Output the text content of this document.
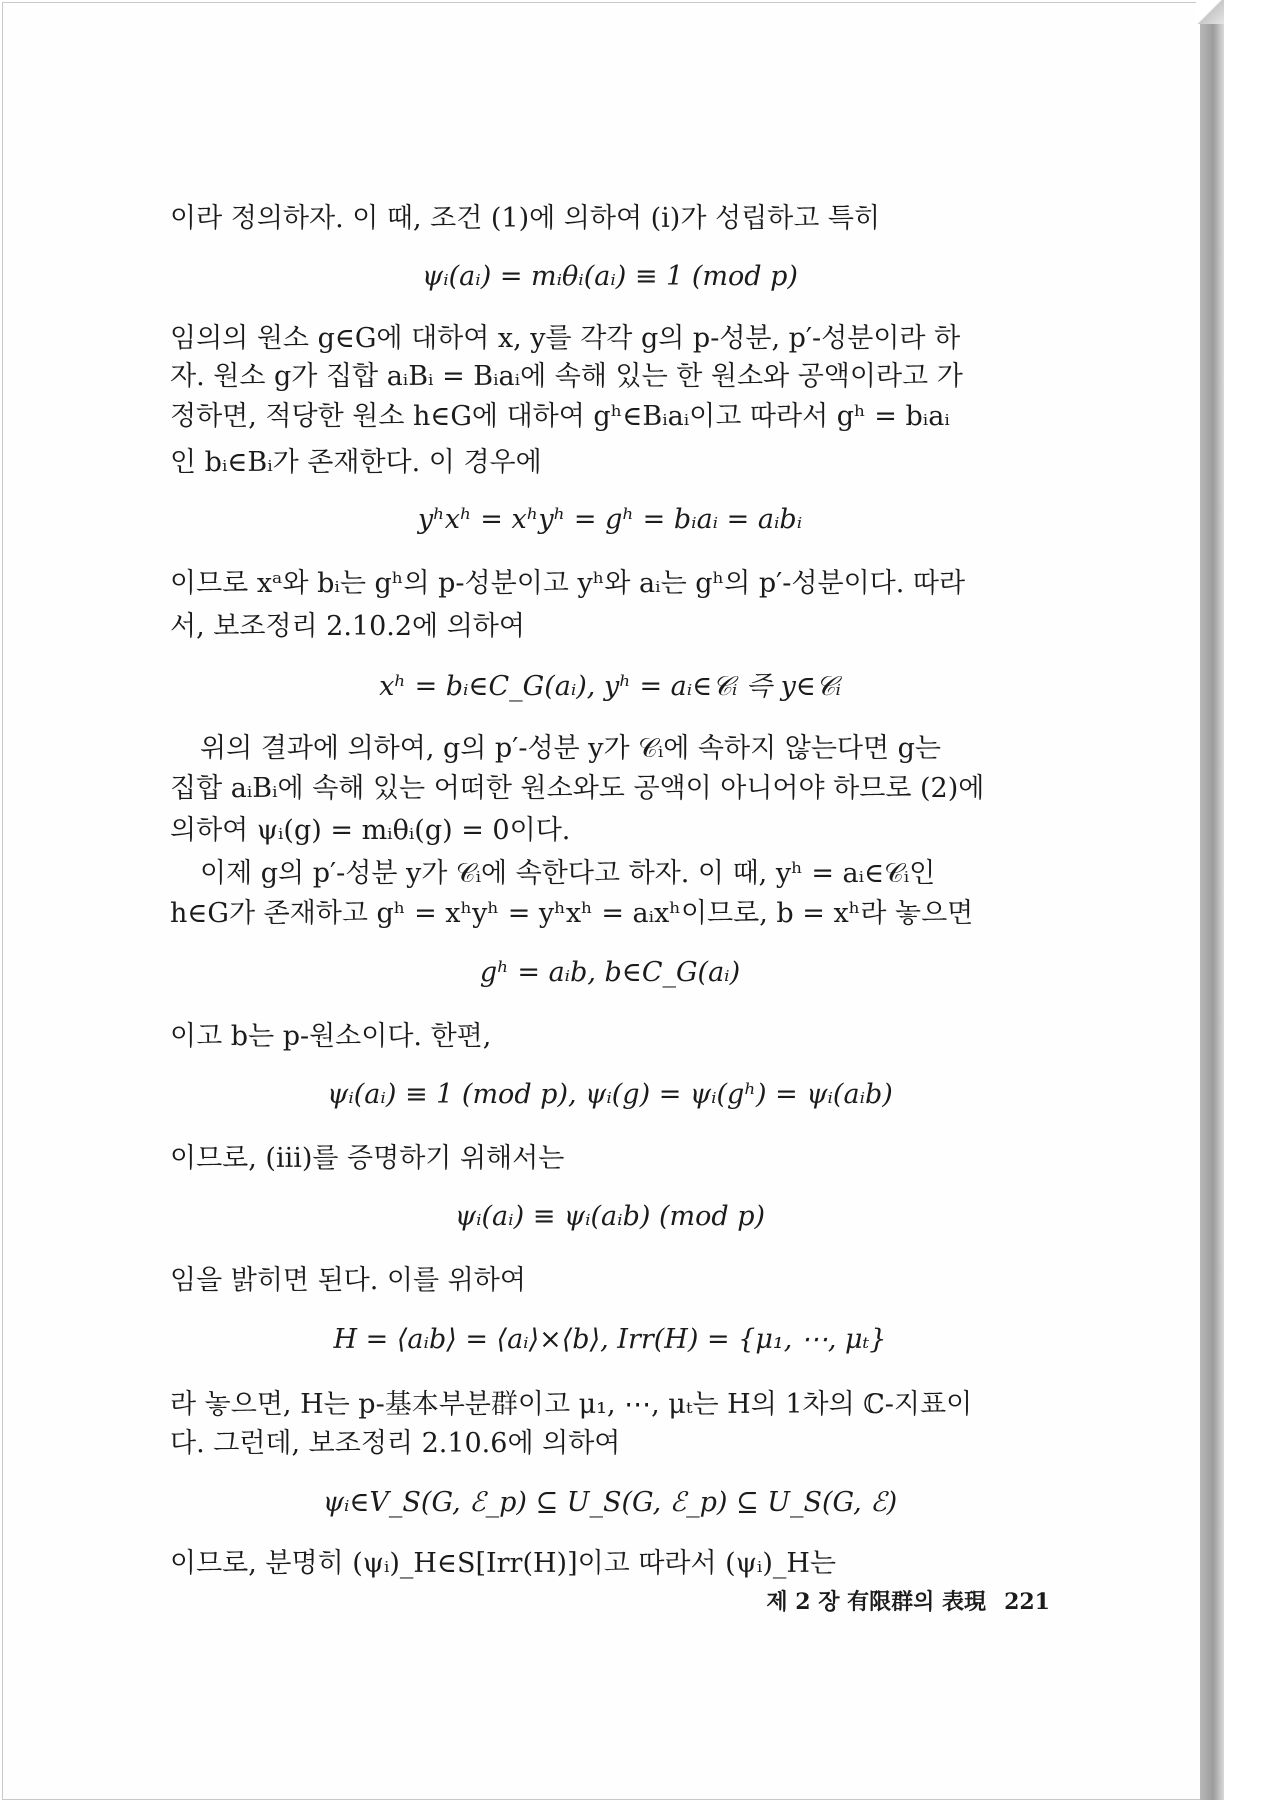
이라 정의하자. 이 때, 조건 (1)에 의하여 (i)가 성립하고 특히
ψᵢ(aᵢ) = mᵢθᵢ(aᵢ) ≡ 1 (mod p)
임의의 원소 g∈G에 대하여 x, y를 각각 g의 p-성분, p′-성분이라 하
자. 원소 g가 집합 aᵢBᵢ = Bᵢaᵢ에 속해 있는 한 원소와 공액이라고 가
정하면, 적당한 원소 h∈G에 대하여 gʰ∈Bᵢaᵢ이고 따라서 gʰ = bᵢaᵢ
인 bᵢ∈Bᵢ가 존재한다. 이 경우에
yʰxʰ = xʰyʰ = gʰ = bᵢaᵢ = aᵢbᵢ
이므로 xᵃ와 bᵢ는 gʰ의 p-성분이고 yʰ와 aᵢ는 gʰ의 p′-성분이다. 따라
서, 보조정리 2.10.2에 의하여
xʰ = bᵢ∈C_G(aᵢ), yʰ = aᵢ∈𝒞ᵢ 즉 y∈𝒞ᵢ
위의 결과에 의하여, g의 p′-성분 y가 𝒞ᵢ에 속하지 않는다면 g는
집합 aᵢBᵢ에 속해 있는 어떠한 원소와도 공액이 아니어야 하므로 (2)에
의하여 ψᵢ(g) = mᵢθᵢ(g) = 0이다.
이제 g의 p′-성분 y가 𝒞ᵢ에 속한다고 하자. 이 때, yʰ = aᵢ∈𝒞ᵢ인
h∈G가 존재하고 gʰ = xʰyʰ = yʰxʰ = aᵢxʰ이므로, b = xʰ라 놓으면
gʰ = aᵢb, b∈C_G(aᵢ)
이고 b는 p-원소이다. 한편,
ψᵢ(aᵢ) ≡ 1 (mod p), ψᵢ(g) = ψᵢ(gʰ) = ψᵢ(aᵢb)
이므로, (iii)를 증명하기 위해서는
ψᵢ(aᵢ) ≡ ψᵢ(aᵢb) (mod p)
임을 밝히면 된다. 이를 위하여
H = ⟨aᵢb⟩ = ⟨aᵢ⟩×⟨b⟩, Irr(H) = {μ₁, ⋯, μₜ}
라 놓으면, H는 p-基本부분群이고 μ₁, ⋯, μₜ는 H의 1차의 ℂ-지표이
다. 그런데, 보조정리 2.10.6에 의하여
ψᵢ∈V_S(G, ℰ_p) ⊆ U_S(G, ℰ_p) ⊆ U_S(G, ℰ)
이므로, 분명히 (ψᵢ)_H∈S[Irr(H)]이고 따라서 (ψᵢ)_H는
제 2 장 有限群의 表現 221
